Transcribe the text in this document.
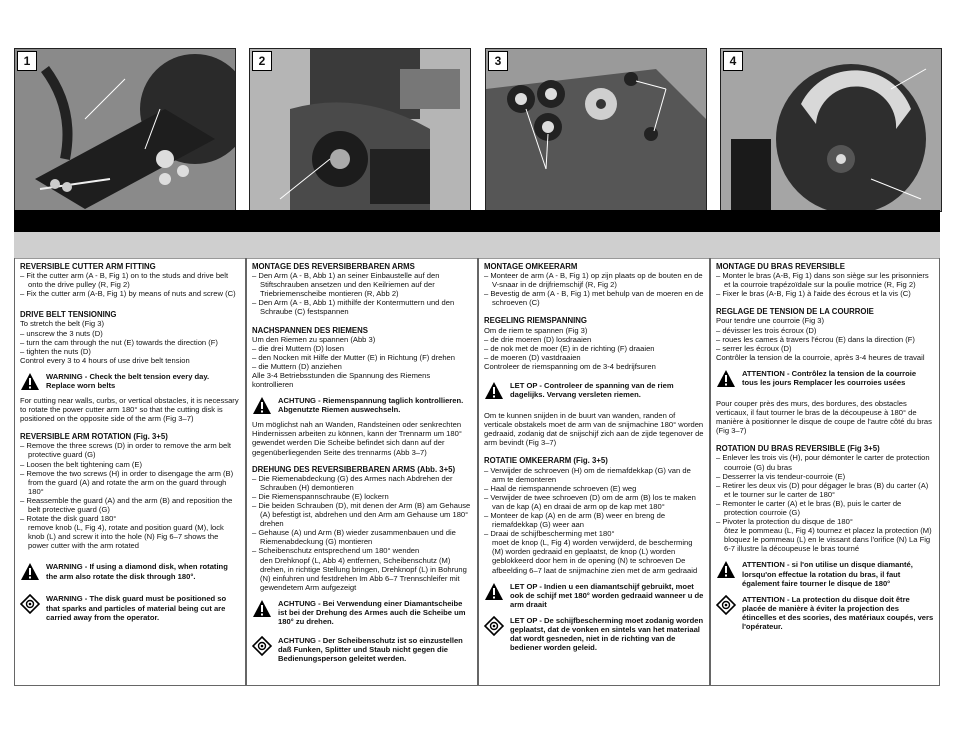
1	2	3	4
REVERSIBLE CUTTER ARM FITTING

– Fit the cutter arm (A - B, Fig 1) on to the studs and drive belt onto the drive pulley (R, Fig 2)

– Fix the cutter arm (A-B, Fig 1) by means of nuts and screw (C)

DRIVE BELT TENSIONING

To stretch the belt (Fig 3)

– unscrew the 3 nuts (D)

– turn the cam through the nut (E) towards the direction (F)

– tighten the nuts (D)

Control every 3 to 4 hours of use drive belt tension

WARNING - Check the belt tension every day. Replace worn belts

For cutting near walls, curbs, or vertical obstacles, it is necessary to rotate the power cutter arm 180° so that the cutting disk is positioned on the opposite side of the arm (Fig 3–7)

REVERSIBLE ARM ROTATION (Fig. 3+5)

– Remove the three screws (D) in order to remove the arm belt protective guard (G)

– Loosen the belt tightening cam (E)

– Remove the two screws (H) in order to disengage the arm (B) from the guard (A) and rotate the arm on the guard through 180°

– Reassemble the guard (A) and the arm (B) and reposition the belt protective guard (G)

– Rotate the disk guard 180°

remove knob (L, Fig 4), rotate and position guard (M), lock knob (L) and screw it into the hole (N) Fig 6–7 shows the power cutter with the arm rotated

WARNING - If using a diamond disk, when rotating the arm also rotate the disk through 180°.
WARNING - The disk guard must be positioned so that sparks and particles of material being cut are carried away from the operator.
MONTAGE DES REVERSIBERBAREN ARMS

– Den Arm (A - B, Abb 1) an seiner Einbaustelle auf den Stiftschrauben ansetzen und den Keilriemen auf der Triebriemenscheibe montieren (R, Abb 2)

– Den Arm (A - B, Abb 1) mithilfe der Kontermuttern und den Schraube (C) festspannen

NACHSPANNEN DES RIEMENS

Um den Riemen zu spannen (Abb 3)

– die drei Muttern (D) losen

– den Nocken mit Hilfe der Mutter (E) in Richtung (F) drehen

– die Muttern (D) anziehen

Alle 3-4 Betriebsstunden die Spannung des Riemens kontrollieren

ACHTUNG - Riemenspannung taglich kontrollieren. Abgenutzte Riemen auswechseln.

Um möglichst nah an Wanden, Randsteinen oder senkrechten Hindernissen arbeiten zu können, kann der Trennarm um 180° gewendet werden Die Scheibe befindet sich dann auf der gegenüberliegenden Seite des trennarms (Abb 3–7)

DREHUNG DES REVERSIBERBAREN ARMS (Abb. 3+5)

– Die Riemenabdeckung (G) des Armes nach Abdrehen der Schrauben (H) demontieren

– Die Riemenspannschraube (E) lockern

– Die beiden Schrauben (D), mit denen der Arm (B) am Gehause (A) befestigt ist, abdrehen und den Arm am Gehause um 180° drehen

– Gehause (A) und Arm (B) wieder zusammenbauen und die Riemenabdeckung (G) montieren

– Scheibenschutz entsprechend um 180° wenden

den Drehknopf (L, Abb 4) entfernen, Scheibenschutz (M) drehen, in richtige Stellung bringen, Drehknopf (L) in Bohrung (N) einfuhren und festdrehen Im Abb 6–7 Trennschleifer mit gewendetem Arm aufgezeigt

ACHTUNG - Bei Verwendung einer Diamantscheibe ist bei der Drehung des Armes auch die Scheibe um 180° zu drehen.
ACHTUNG - Der Scheibenschutz ist so einzustellen daß Funken, Splitter und Staub nicht gegen die Bedienungsperson geleitet werden.
MONTAGE OMKEERARM

– Monteer de arm (A - B, Fig 1) op zijn plaats op de bouten en de V-snaar in de drijfriemschijf (R, Fig 2)

– Bevestig de arm (A - B, Fig 1) met behulp van de moeren en de schroeven (C)

REGELING RIEMSPANNING

Om de riem te spannen (Fig 3)

– de drie moeren (D) losdraaien

– de nok met de moer (E) in de richting (F) draaien

– de moeren (D) vastdraaien

Controleer de riemspanning om de 3-4 bedrijfsuren

LET OP - Controleer de spanning van de riem dagelijks. Vervang versleten riemen.

Om te kunnen snijden in de buurt van wanden, randen of verticale obstakels moet de arm van de snijmachine 180° worden gedraaid, zodanig dat de snijschijf zich aan de zijde tegenover de arm bevindt (Fig 3–7)

ROTATIE OMKEERARM (Fig. 3+5)

– Verwijder de schroeven (H) om de riemafdekkap (G) van de arm te demonteren

– Haal de riemspannende schroeven (E) weg

– Verwijder de twee schroeven (D) om de arm (B) los te maken van de kap (A) en draai de arm op de kap met 180°

– Monteer de kap (A) en de arm (B) weer en breng de riemafdekkap (G) weer aan

– Draai de schijfbescherming met 180°

moet de knop (L, Fig 4) worden verwijderd, de bescherming (M) worden gedraaid en geplaatst, de knop (L) worden geblokkeerd door hem in de opening (N) te schroeven De afbeelding 6–7 laat de snijmachine zien met de arm gedraaid

LET OP - Indien u een diamantschijf gebruikt, moet ook de schijf met 180° worden gedraaid wanneer u de arm draait
LET OP - De schijfbescherming moet zodanig worden geplaatst, dat de vonken en sintels van het materiaal dat wordt gesneden, niet in de richting van de bediener worden geleid.
MONTAGE DU BRAS REVERSIBLE

– Monter le bras (A-B, Fig 1) dans son siège sur les prisonniers et la courroie trapézoïdale sur la poulie motrice (R, Fig 2)

– Fixer le bras (A-B, Fig 1) à l'aide des écrous et la vis (C)

REGLAGE DE TENSION DE LA COURROIE

Pour tendre une courroie (Fig 3)

– dévisser les trois écroux (D)

– roues les cames à travers l'écrou (E) dans la direction (F)

– serrer les écroux (D)

Contrôler la tension de la courroie, après 3-4 heures de travail

ATTENTION - Contrôlez la tension de la courroie tous les jours Remplacer les courroies usées

Pour couper près des murs, des bordures, des obstacles verticaux, il faut tourner le bras de la découpeuse à 180° de manière à positionner le disque de coupe de l'autre côté du bras (Fig 3–7)

ROTATION DU BRAS REVERSIBLE (Fig 3+5)

– Enlever les trois vis (H), pour démonter le carter de protection courroie (G) du bras

– Desserrer la vis tendeur-courroie (E)

– Retirer les deux vis (D) pour dégager le bras (B) du carter (A) et le tourner sur le carter de 180°

– Remonter le carter (A) et le bras (B), puis le carter de protection courroie (G)

– Pivoter la protection du disque de 180°

ôtez le pommeau (L, Fig 4) tournez et placez la protection (M) bloquez le pommeau (L) en le vissant dans l'orifice (N) La Fig 6-7 illustre la découpeuse le bras tourné

ATTENTION - si l'on utilise un disque diamanté, lorsqu'on effectue la rotation du bras, il faut également faire tourner le disque de 180°
ATTENTION - La protection du disque doit être placée de manière à éviter la projection des étincelles et des scories, des matériaux coupés, vers l'opérateur.
